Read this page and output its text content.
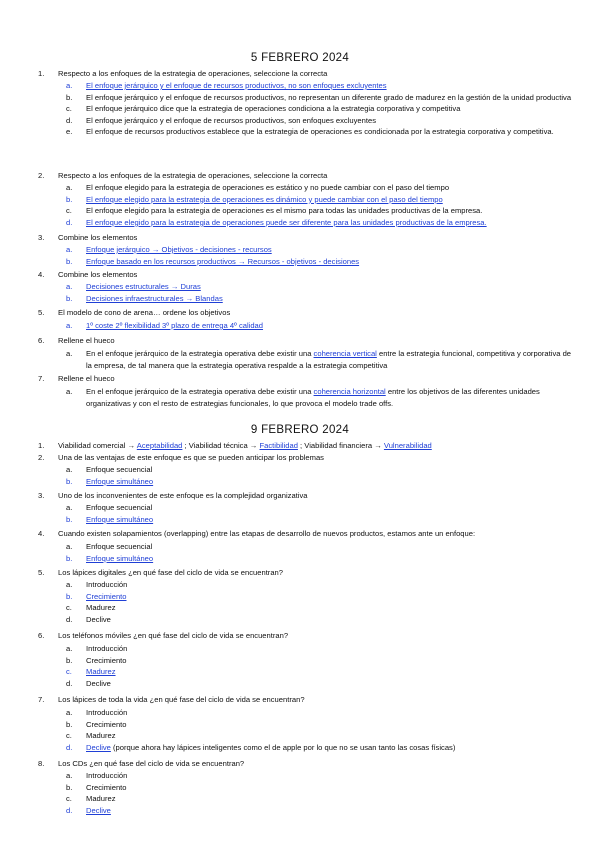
5 FEBRERO 2024
1.	Respecto a los enfoques de la estrategia de operaciones, seleccione la correcta
a.	El enfoque jerárquico y el enfoque de recursos productivos, no son enfoques excluyentes
b.	El enfoque jerárquico y el enfoque de recursos productivos, no representan un diferente grado de madurez en la gestión de la unidad productiva
c.	El enfoque jerárquico dice que la estrategia de operaciones condiciona a la estrategia corporativa y competitiva
d.	El enfoque jerárquico y el enfoque de recursos productivos, son enfoques excluyentes
e.	El enfoque de recursos productivos establece que la estrategia de operaciones es condicionada por la estrategia corporativa y competitiva.
2.	Respecto a los enfoques de la estrategia de operaciones, seleccione la correcta
a.	El enfoque elegido para la estrategia de operaciones es estático y no puede cambiar con el paso del tiempo
b.	El enfoque elegido para la estrategia de operaciones es dinámico y puede cambiar con el paso del tiempo
c.	El enfoque elegido para la estrategia de operaciones es el mismo para todas las unidades productivas de la empresa.
d.	El enfoque elegido para la estrategia de operaciones puede ser diferente para las unidades productivas de la empresa.
3.	Combine los elementos
a.	Enfoque jerárquico → Objetivos - decisiones - recursos
b.	Enfoque basado en los recursos productivos → Recursos - objetivos - decisiones
4.	Combine los elementos
a.	Decisiones estructurales → Duras
b.	Decisiones infraestructurales → Blandas
5.	El modelo de cono de arena… ordene los objetivos
a.	1º coste 2º flexibilidad 3º plazo de entrega 4º calidad
6.	Rellene el hueco
a.	En el enfoque jerárquico de la estrategia operativa debe existir una coherencia vertical entre la estrategia funcional, competitiva y corporativa de la empresa, de tal manera que la estrategia operativa respalde a la estrategia competitiva
7.	Rellene el hueco
a.	En el enfoque jerárquico de la estrategia operativa debe existir una coherencia horizontal entre los objetivos de las diferentes unidades organizativas y con el resto de estrategias funcionales, lo que provoca el modelo trade offs.
9 FEBRERO 2024
1.	Viabilidad comercial → Aceptabilidad ; Viabilidad técnica → Factibilidad ; Viabilidad financiera → Vulnerabilidad
2.	Una de las ventajas de este enfoque es que se pueden anticipar los problemas
a.	Enfoque secuencial
b.	Enfoque simultáneo
3.	Uno de los inconvenientes de este enfoque es la complejidad organizativa
a.	Enfoque secuencial
b.	Enfoque simultáneo
4.	Cuando existen solapamientos (overlapping) entre las etapas de desarrollo de nuevos productos, estamos ante un enfoque:
a.	Enfoque secuencial
b.	Enfoque simultáneo
5.	Los lápices digitales ¿en qué fase del ciclo de vida se encuentran?
a.	Introducción
b.	Crecimiento
c.	Madurez
d.	Declive
6.	Los teléfonos móviles ¿en qué fase del ciclo de vida se encuentran?
a.	Introducción
b.	Crecimiento
c.	Madurez
d.	Declive
7.	Los lápices de toda la vida ¿en qué fase del ciclo de vida se encuentran?
a.	Introducción
b.	Crecimiento
c.	Madurez
d.	Declive (porque ahora hay lápices inteligentes como el de apple por lo que no se usan tanto las cosas físicas)
8.	Los CDs ¿en qué fase del ciclo de vida se encuentran?
a.	Introducción
b.	Crecimiento
c.	Madurez
d.	Declive
